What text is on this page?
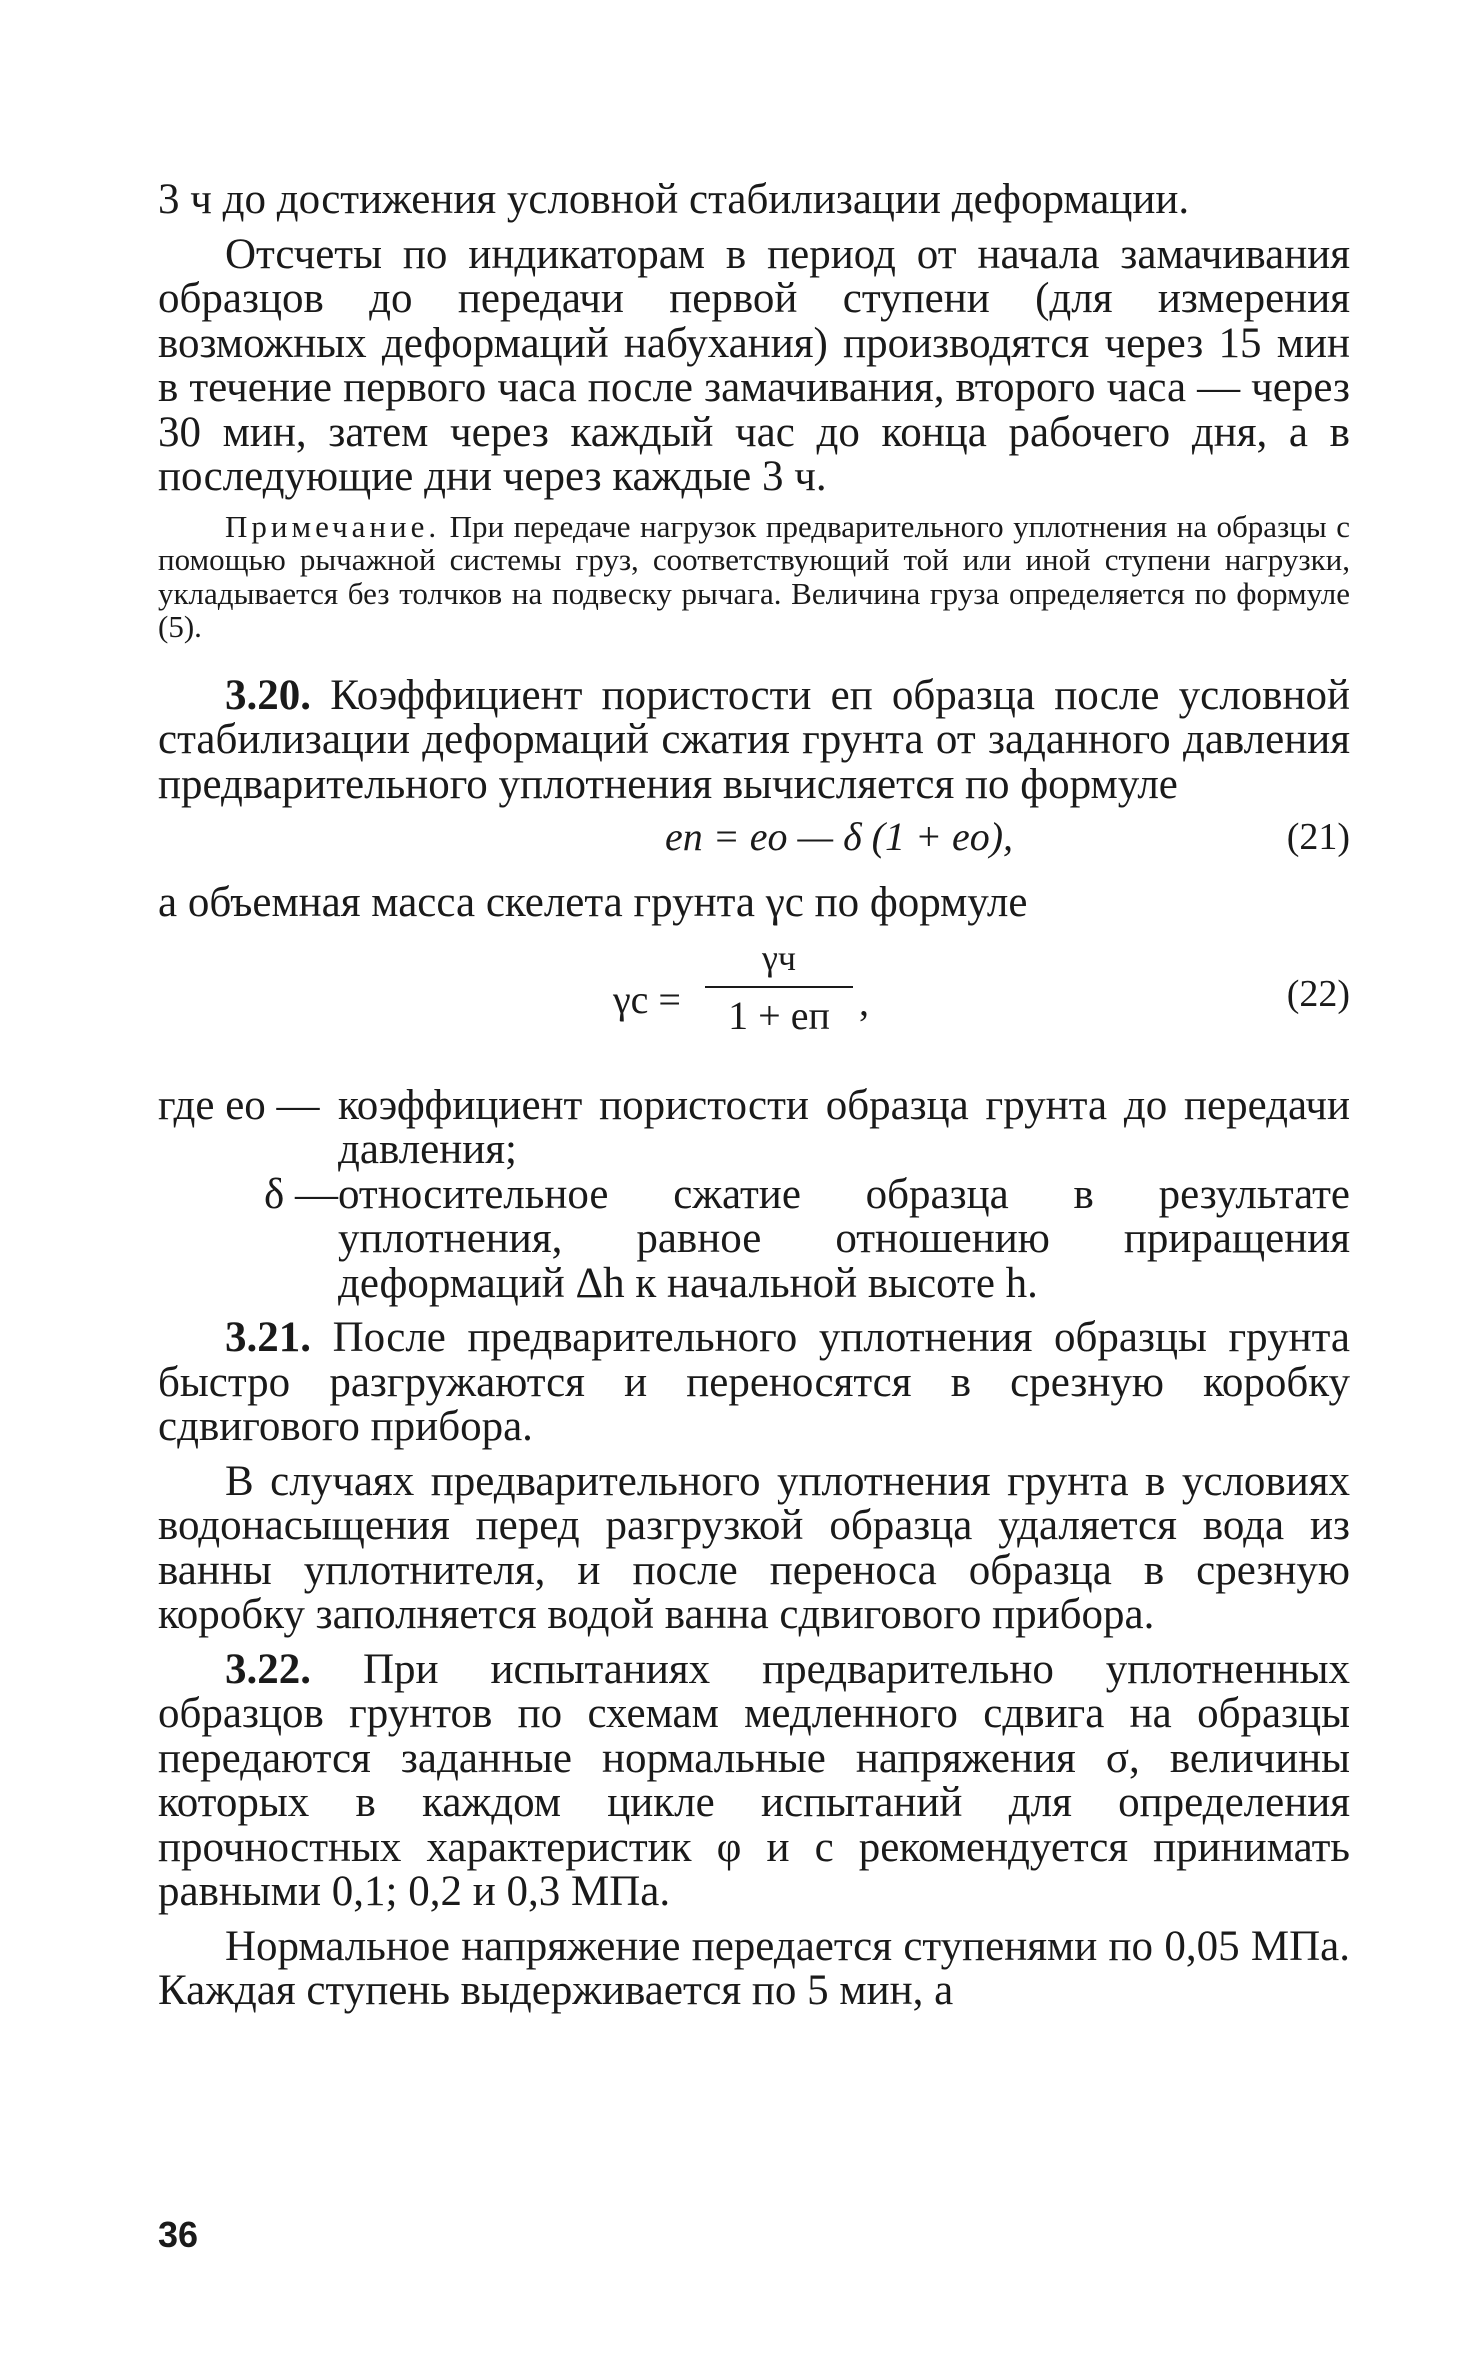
3 ч до достижения условной стабилизации деформации.

Отсчеты по индикаторам в период от начала замачивания образцов до передачи первой ступени (для измерения возможных деформаций набухания) производятся через 15 мин в течение первого часа после замачивания, второго часа — через 30 мин, затем через каждый час до конца рабочего дня, а в последующие дни через каждые 3 ч.

Примечание. При передаче нагрузок предварительного уплотнения на образцы с помощью рычажной системы груз, соответствующий той или иной ступени нагрузки, укладывается без толчков на подвеску рычага. Величина груза определяется по формуле (5).

3.20. Коэффициент пористости eп образца после условной стабилизации деформаций сжатия грунта от заданного давления предварительного уплотнения вычисляется по формуле

eп = eо — δ (1 + eо),	(21)

а объемная масса скелета грунта γс по формуле

γс =
γч
1 + eп ,	(22)
где eо — коэффициент пористости образца грунта до передачи давления;
δ — относительное сжатие образца в результате уплотнения, равное отношению приращения деформаций Δh к начальной высоте h.

3.21. После предварительного уплотнения образцы грунта быстро разгружаются и переносятся в срезную коробку сдвигового прибора.

В случаях предварительного уплотнения грунта в условиях водонасыщения перед разгрузкой образца удаляется вода из ванны уплотнителя, и после переноса образца в срезную коробку заполняется водой ванна сдвигового прибора.

3.22. При испытаниях предварительно уплотненных образцов грунтов по схемам медленного сдвига на образцы передаются заданные нормальные напряжения σ, величины которых в каждом цикле испытаний для определения прочностных характеристик φ и c рекомендуется принимать равными 0,1; 0,2 и 0,3 МПа.

Нормальное напряжение передается ступенями по 0,05 МПа. Каждая ступень выдерживается по 5 мин, а

36
